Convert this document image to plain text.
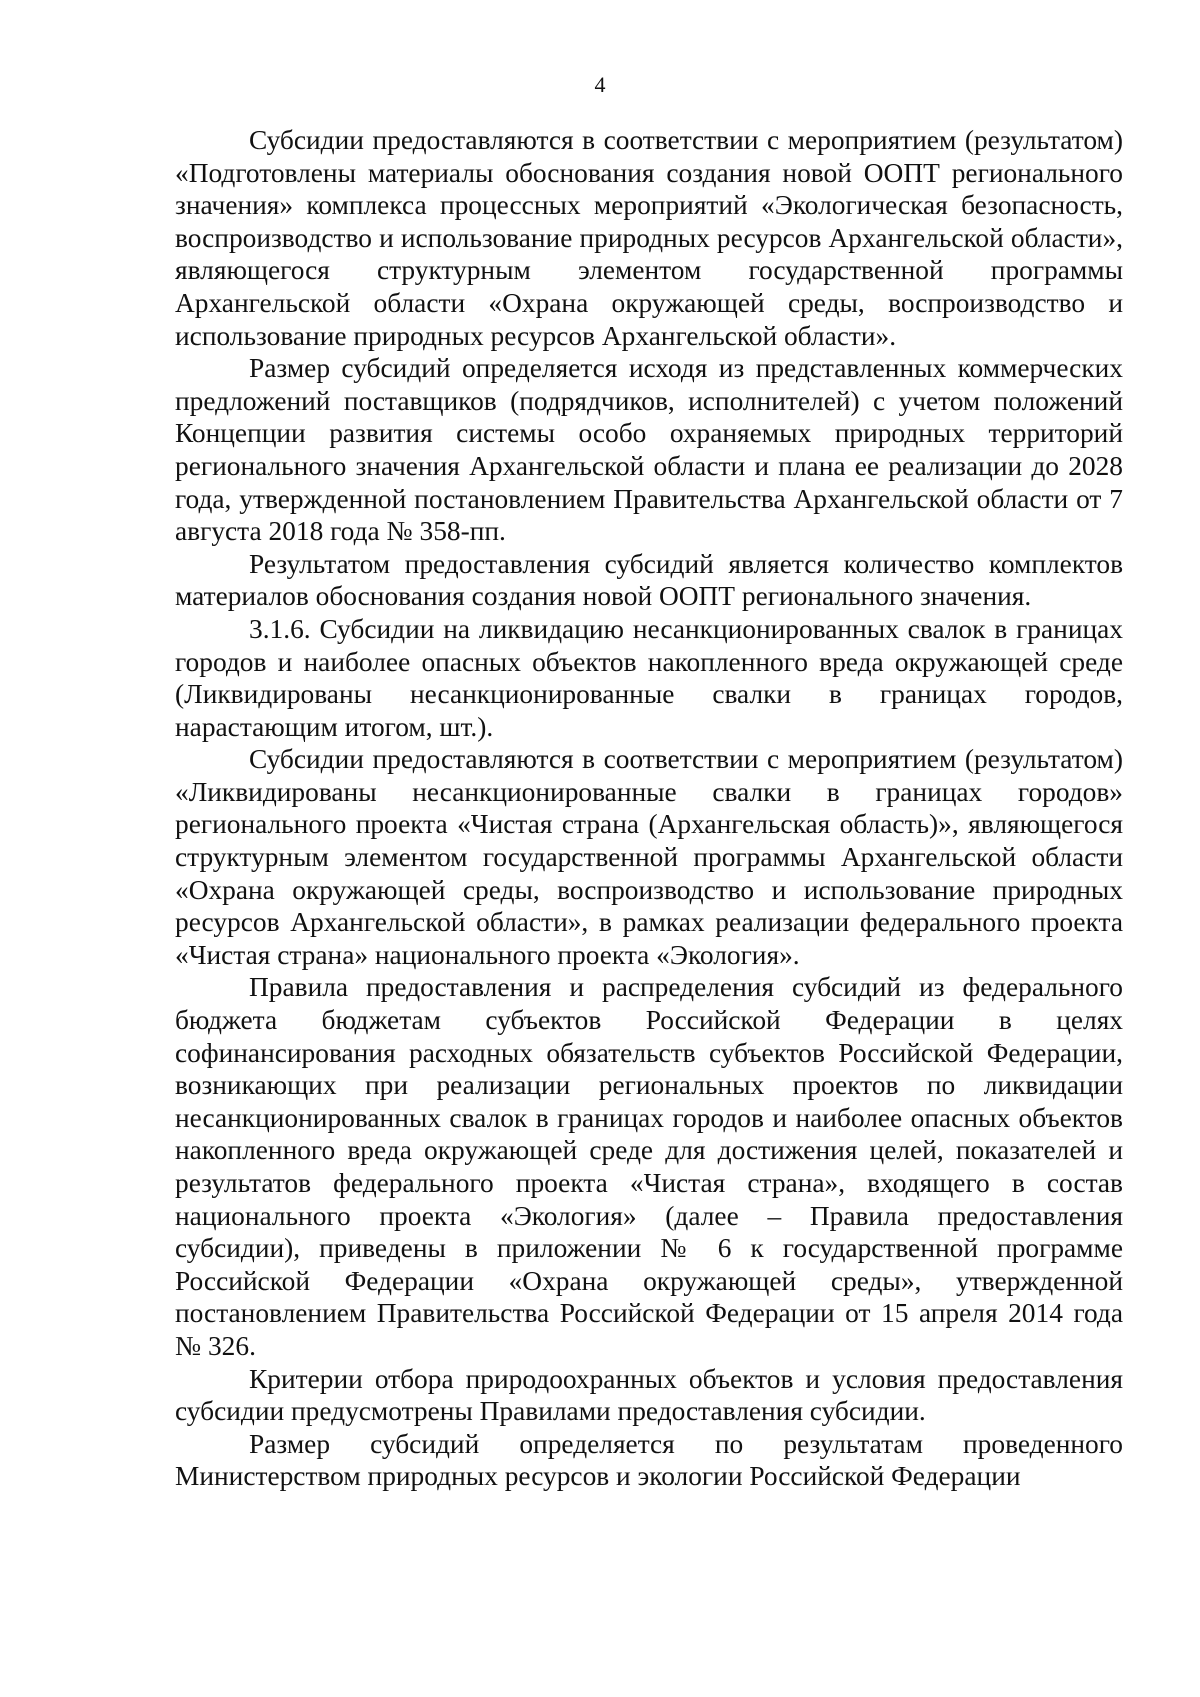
4

Субсидии предоставляются в соответствии с мероприятием (результатом) «Подготовлены материалы обоснования создания новой ООПТ регионального значения» комплекса процессных мероприятий «Экологическая безопасность, воспроизводство и использование природных ресурсов Архангельской области», являющегося структурным элементом государственной программы Архангельской области «Охрана окружающей среды, воспроизводство и использование природных ресурсов Архангельской области».

Размер субсидий определяется исходя из представленных коммерческих предложений поставщиков (подрядчиков, исполнителей) с учетом положений Концепции развития системы особо охраняемых природных территорий регионального значения Архангельской области и плана ее реализации до 2028 года, утвержденной постановлением Правительства Архангельской области от 7 августа 2018 года № 358-пп.

Результатом предоставления субсидий является количество комплектов материалов обоснования создания новой ООПТ регионального значения.

3.1.6. Субсидии на ликвидацию несанкционированных свалок в границах городов и наиболее опасных объектов накопленного вреда окружающей среде (Ликвидированы несанкционированные свалки в границах городов, нарастающим итогом, шт.).

Субсидии предоставляются в соответствии с мероприятием (результатом) «Ликвидированы несанкционированные свалки в границах городов» регионального проекта «Чистая страна (Архангельская область)», являющегося структурным элементом государственной программы Архангельской области «Охрана окружающей среды, воспроизводство и использование природных ресурсов Архангельской области», в рамках реализации федерального проекта «Чистая страна» национального проекта «Экология».

Правила предоставления и распределения субсидий из федерального бюджета бюджетам субъектов Российской Федерации в целях софинансирования расходных обязательств субъектов Российской Федерации, возникающих при реализации региональных проектов по ликвидации несанкционированных свалок в границах городов и наиболее опасных объектов накопленного вреда окружающей среде для достижения целей, показателей и результатов федерального проекта «Чистая страна», входящего в состав национального проекта «Экология» (далее – Правила предоставления субсидии), приведены в приложении № 6 к государственной программе Российской Федерации «Охрана окружающей среды», утвержденной постановлением Правительства Российской Федерации от 15 апреля 2014 года № 326.

Критерии отбора природоохранных объектов и условия предоставления субсидии предусмотрены Правилами предоставления субсидии.

Размер субсидий определяется по результатам проведенного Министерством природных ресурсов и экологии Российской Федерации
